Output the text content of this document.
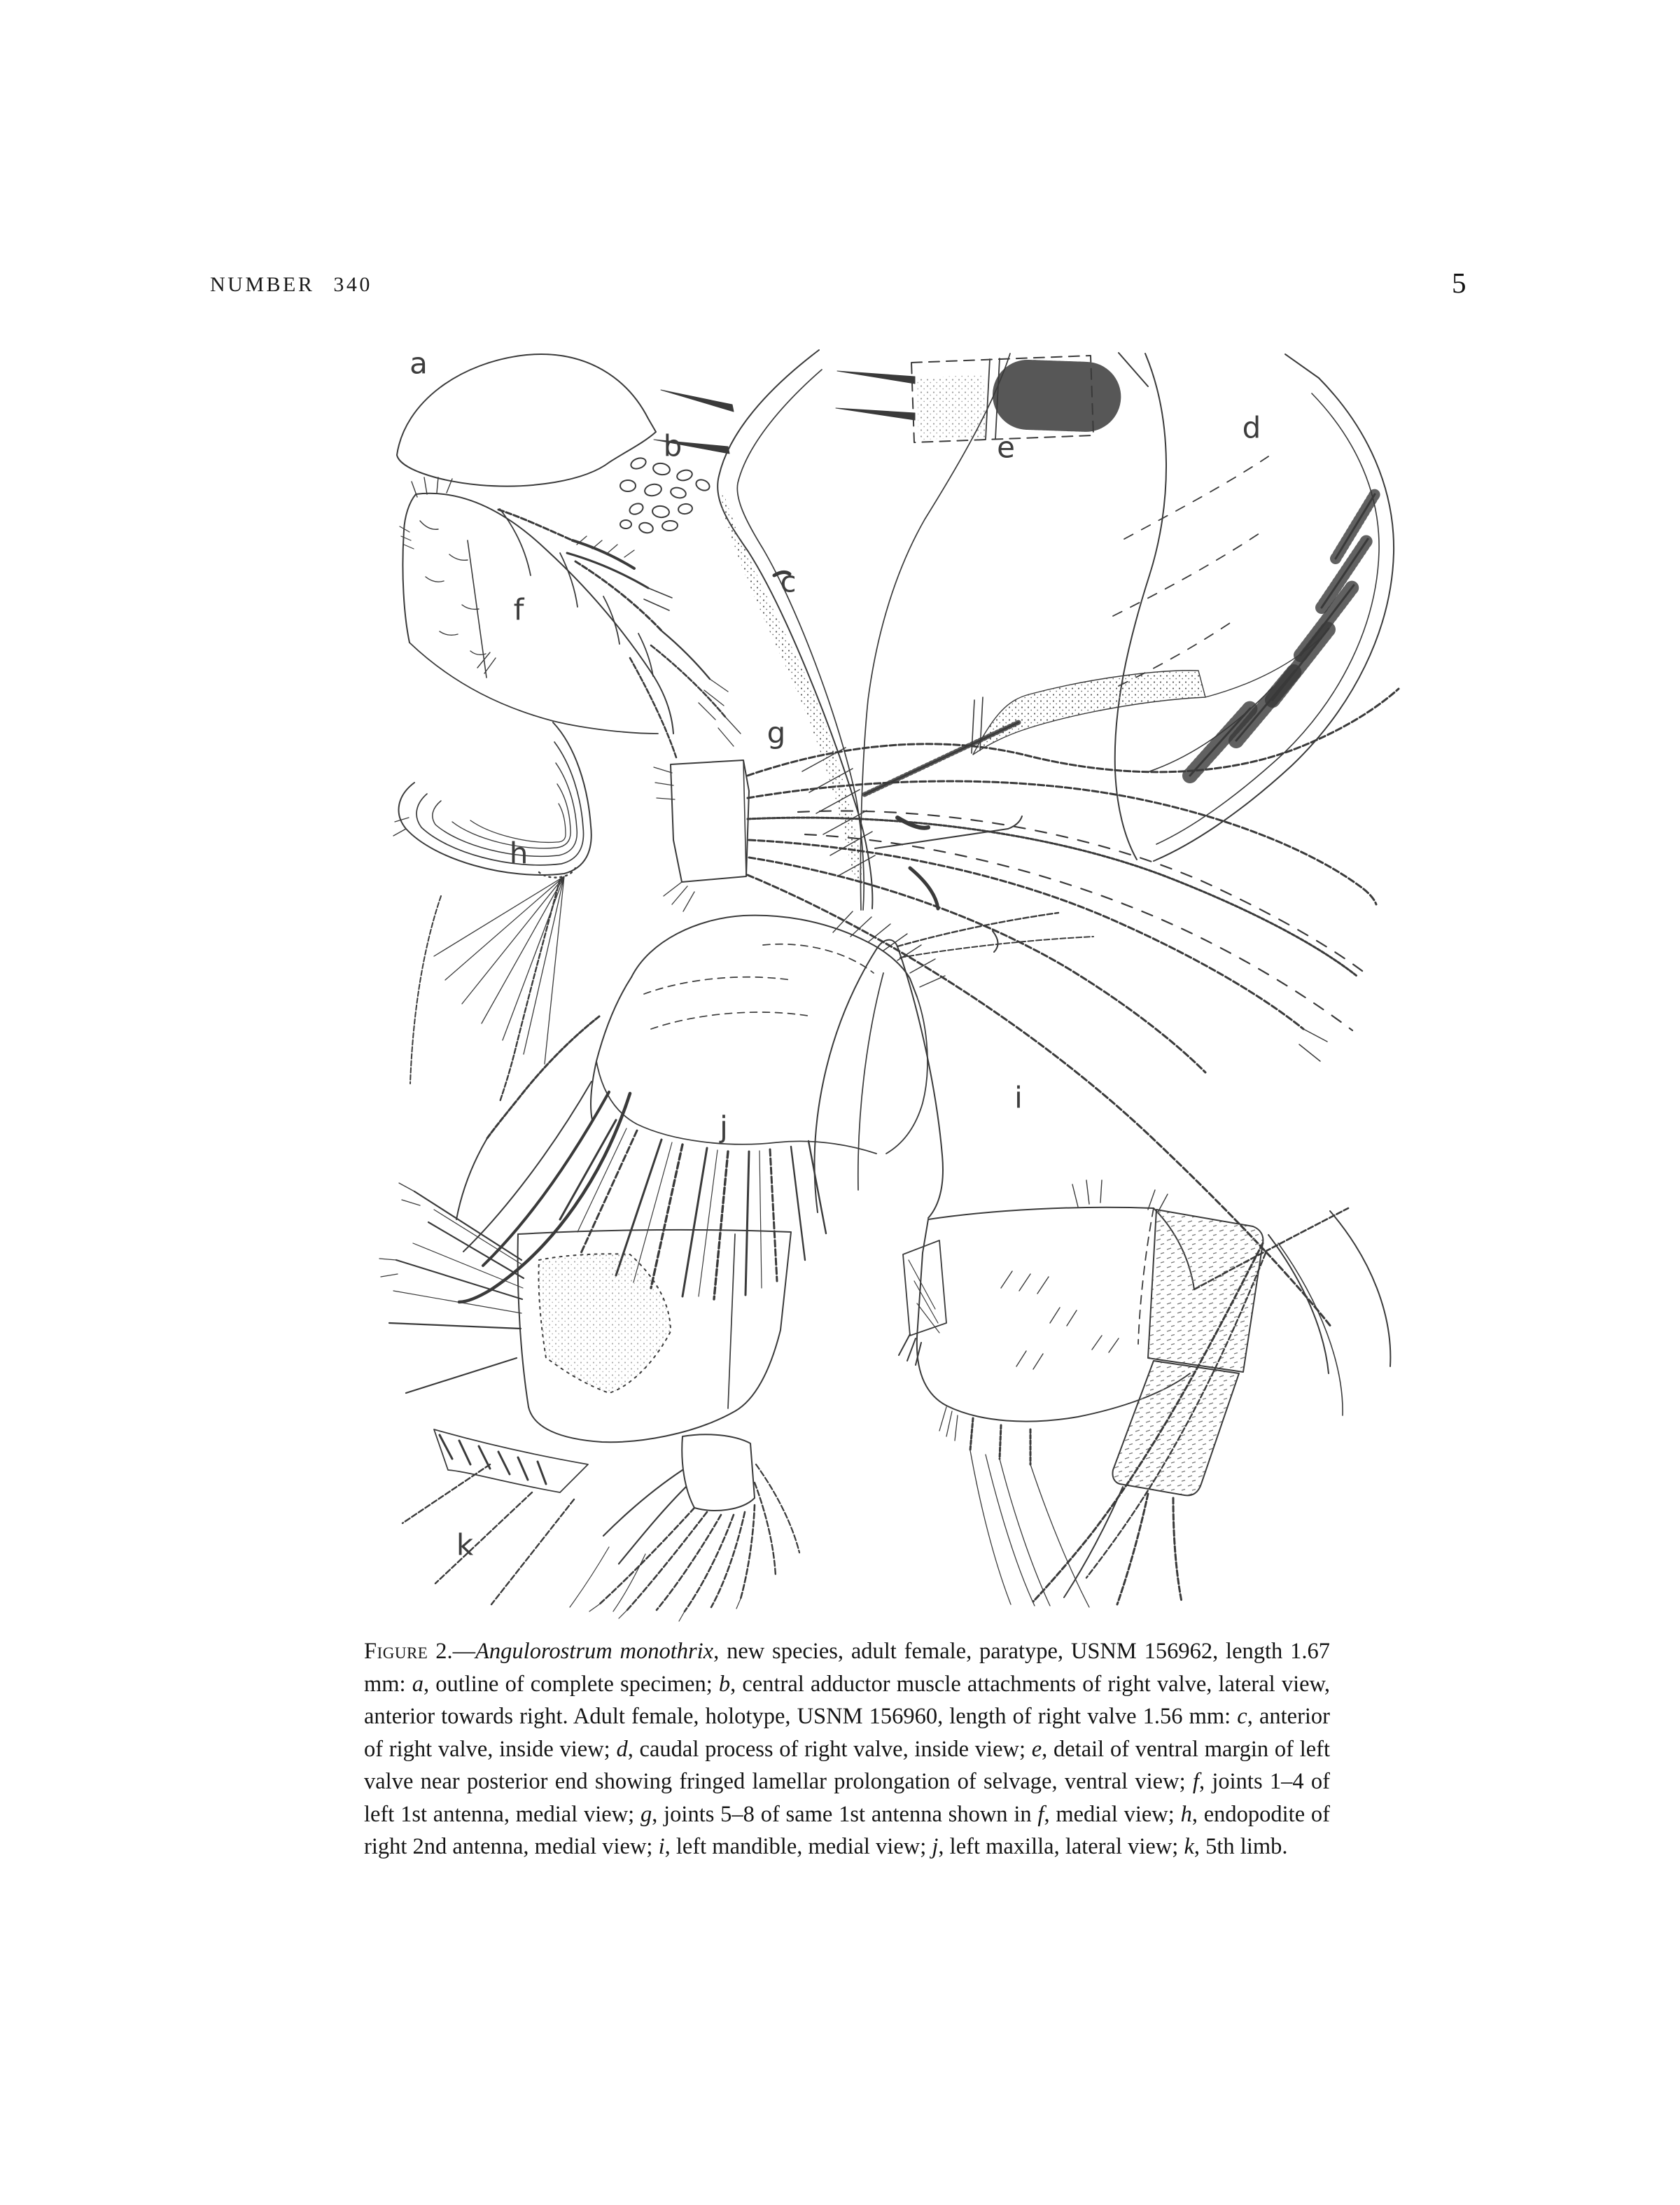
NUMBER 340	5
a
b
c
d
e
f
g
h
i
j
k
Figure 2.—Angulorostrum monothrix, new species, adult female, paratype, USNM 156962, length 1.67 mm: a, outline of complete specimen; b, central adductor muscle attachments of right valve, lateral view, anterior towards right. Adult female, holotype, USNM 156960, length of right valve 1.56 mm: c, anterior of right valve, inside view; d, caudal process of right valve, inside view; e, detail of ventral margin of left valve near posterior end showing fringed lamellar prolongation of selvage, ventral view; f, joints 1–4 of left 1st antenna, medial view; g, joints 5–8 of same 1st antenna shown in f, medial view; h, endopodite of right 2nd antenna, medial view; i, left mandible, medial view; j, left maxilla, lateral view; k, 5th limb.
